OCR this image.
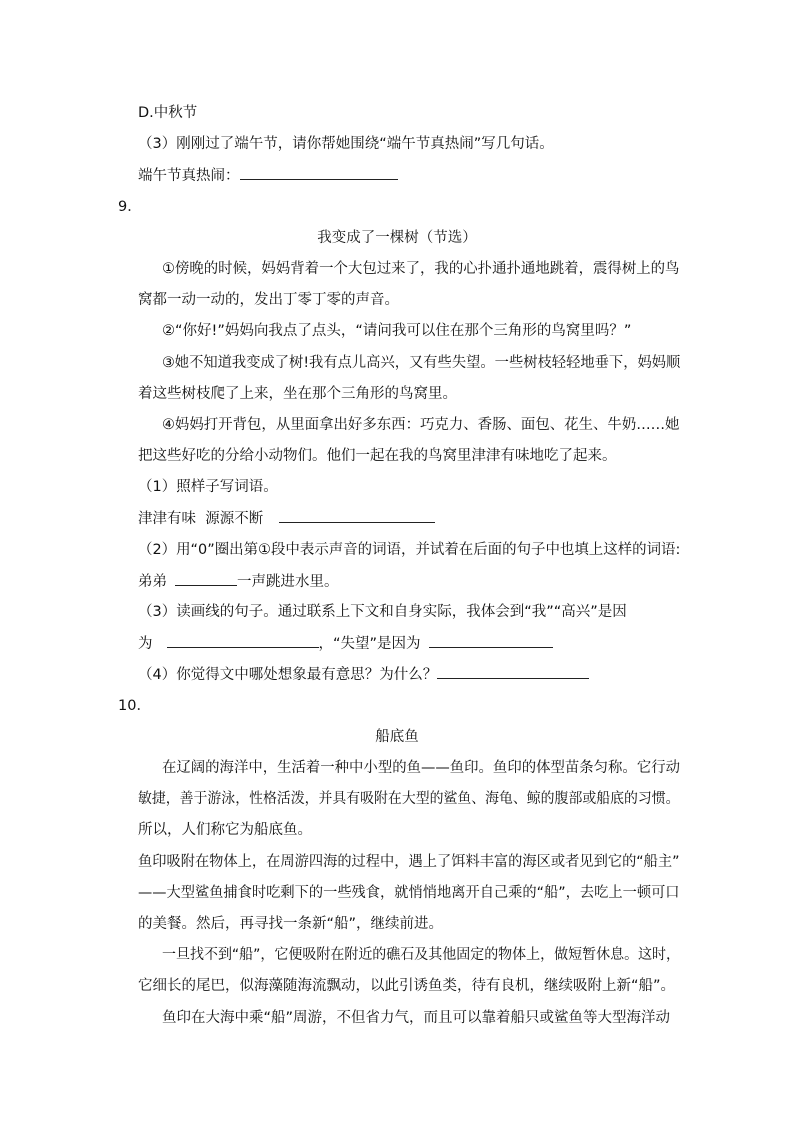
D.中秋节
（3）刚刚过了端午节，请你帮她围绕“端午节真热闹”写几句话。
端午节真热闹：
9．
我变成了一棵树（节选）
①傍晚的时候，妈妈背着一个大包过来了，我的心扑通扑通地跳着，震得树上的鸟
窝都一动一动的，发出丁零丁零的声音。
②“你好!”妈妈向我点了点头，“请问我可以住在那个三角形的鸟窝里吗？”
③她不知道我变成了树!我有点儿高兴，又有些失望。一些树枝轻轻地垂下，妈妈顺
着这些树枝爬了上来，坐在那个三角形的鸟窝里。
④妈妈打开背包，从里面拿出好多东西：巧克力、香肠、面包、花生、牛奶……她
把这些好吃的分给小动物们。他们一起在我的鸟窝里津津有味地吃了起来。
（1）照样子写词语。
津津有味  源源不断
（2）用“0”圈出第①段中表示声音的词语，并试着在后面的句子中也填上这样的词语:
弟弟	一声跳进水里。
（3）读画线的句子。通过联系上下文和自身实际，我体会到“我”“高兴”是因
为	，“失望”是因为
（4）你觉得文中哪处想象最有意思？为什么？
10．
船底鱼
在辽阔的海洋中，生活着一种中小型的鱼——鱼印。鱼印的体型苗条匀称。它行动
敏捷，善于游泳，性格活泼，并具有吸附在大型的鲨鱼、海龟、鲸的腹部或船底的习惯。
所以，人们称它为船底鱼。
鱼印吸附在物体上，在周游四海的过程中，遇上了饵料丰富的海区或者见到它的“船主”
——大型鲨鱼捕食时吃剩下的一些残食，就悄悄地离开自己乘的“船”，去吃上一顿可口
的美餐。然后，再寻找一条新“船”，继续前进。
一旦找不到“船”，它便吸附在附近的礁石及其他固定的物体上，做短暂休息。这时，
它细长的尾巴，似海藻随海流飘动，以此引诱鱼类，待有良机，继续吸附上新“船”。
鱼印在大海中乘“船”周游，不但省力气，而且可以靠着船只或鲨鱼等大型海洋动
